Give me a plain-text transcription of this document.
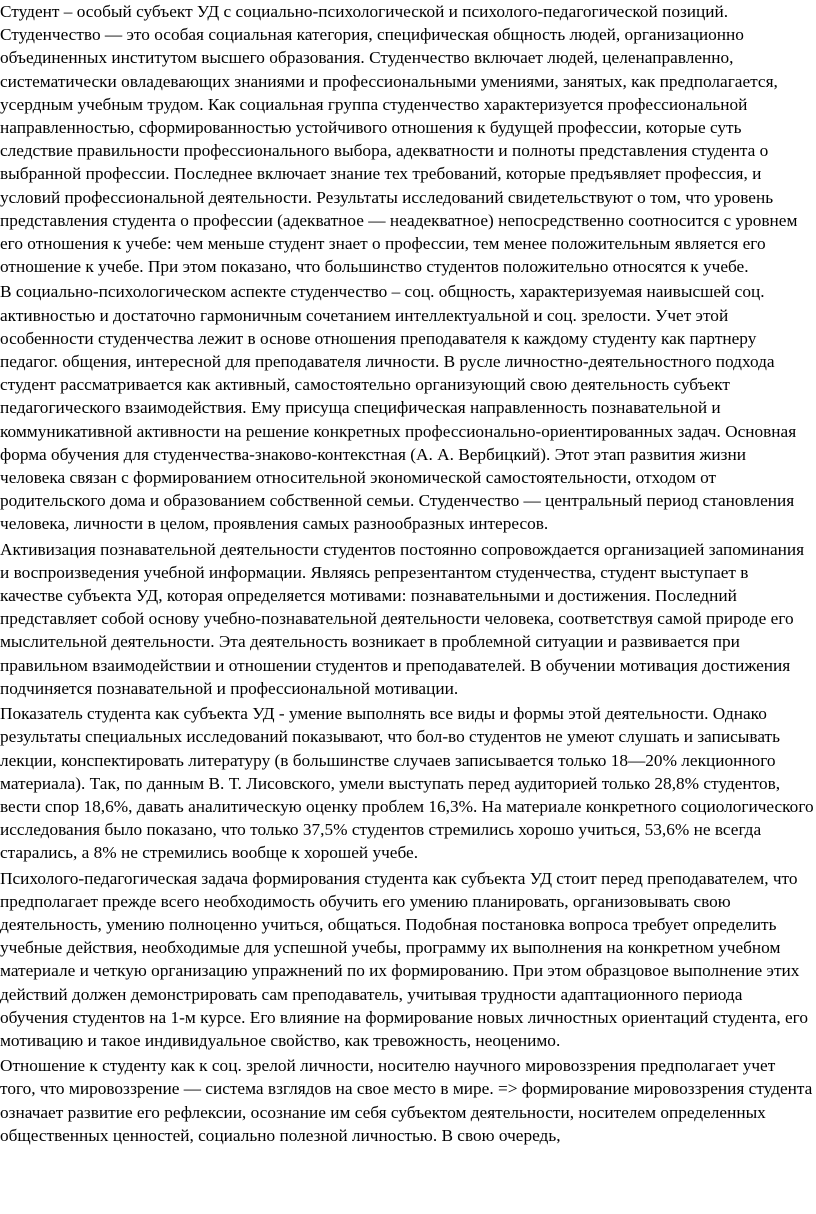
Студент – особый субъект УД с социально-психологической и психолого-педагогической позиций. Студенчество — это особая социальная категория, специфическая общность людей, организационно объединенных институтом высшего образования. Студенчество включает людей, целенаправленно, систематически овладевающих знаниями и профессиональными умениями, занятых, как предполагается, усердным учебным трудом. Как социальная группа студенчество характеризуется профессиональной направленностью, сформированностью устойчивого отношения к будущей профессии, которые суть следствие правильности профессионального выбора, адекватности и полноты представления студента о выбранной профессии. Последнее включает знание тех требований, которые предъявляет профессия, и условий профессиональной деятельности. Результаты исследований свидетельствуют о том, что уровень представления студента о профессии (адекватное — неадекватное) непосредственно соотносится с уровнем его отношения к учебе: чем меньше студент знает о профессии, тем менее положительным является его отношение к учебе. При этом показано, что большинство студентов положительно относятся к учебе.

В социально-психологическом аспекте студенчество – соц. общность, характеризуемая наивысшей соц. активностью и достаточно гармоничным сочетанием интеллектуальной и соц. зрелости. Учет этой особенности студенчества лежит в основе отношения преподавателя к каждому студенту как партнеру педагог. общения, интересной для преподавателя личности. В русле личностно-деятельностного подхода студент рассматривается как активный, самостоятельно организующий свою деятельность субъект педагогического взаимодействия. Ему присуща специфическая направленность познавательной и коммуникативной активности на решение конкретных профессионально-ориентированных задач. Основная форма обучения для студенчества-знаково-контекстная (А. А. Вербицкий). Этот этап развития жизни человека связан с формированием относительной экономической самостоятельности, отходом от родительского дома и образованием собственной семьи. Студенчество — центральный период становления человека, личности в целом, проявления самых разнообразных интересов.

Активизация познавательной деятельности студентов постоянно сопровождается организацией запоминания и воспроизведения учебной информации. Являясь репрезентантом студенчества, студент выступает в качестве субъекта УД, которая определяется мотивами: познавательными и достижения. Последний представляет собой основу учебно-познавательной деятельности человека, соответствуя самой природе его мыслительной деятельности. Эта деятельность возникает в проблемной ситуации и развивается при правильном взаимодействии и отношении студентов и преподавателей. В обучении мотивация достижения подчиняется познавательной и профессиональной мотивации.

Показатель студента как субъекта УД - умение выполнять все виды и формы этой деятельности. Однако результаты специальных исследований показывают, что бол-во студентов не умеют слушать и записывать лекции, конспектировать литературу (в большинстве случаев записывается только 18—20% лекционного материала). Так, по данным В. Т. Лисовского, умели выступать перед аудиторией только 28,8% студентов, вести спор 18,6%, давать аналитическую оценку проблем 16,3%. На материале конкретного социологического исследования было показано, что только 37,5% студентов стремились хорошо учиться, 53,6% не всегда старались, а 8% не стремились вообще к хорошей учебе.

Психолого-педагогическая задача формирования студента как субъекта УД стоит перед преподавателем, что предполагает прежде всего необходимость обучить его умению планировать, организовывать свою деятельность, умению полноценно учиться, общаться. Подобная постановка вопроса требует определить учебные действия, необходимые для успешной учебы, программу их выполнения на конкретном учебном материале и четкую организацию упражнений по их формированию. При этом образцовое выполнение этих действий должен демонстрировать сам преподаватель, учитывая трудности адаптационного периода обучения студентов на 1-м курсе. Его влияние на формирование новых личностных ориентаций студента, его мотивацию и такое индивидуальное свойство, как тревожность, неоценимо.

Отношение к студенту как к соц. зрелой личности, носителю научного мировоззрения предполагает учет того, что мировоззрение — система взглядов на свое место в мире. => формирование мировоззрения студента означает развитие его рефлексии, осознание им себя субъектом деятельности, носителем определенных общественных ценностей, социально полезной личностью. В свою очередь,
